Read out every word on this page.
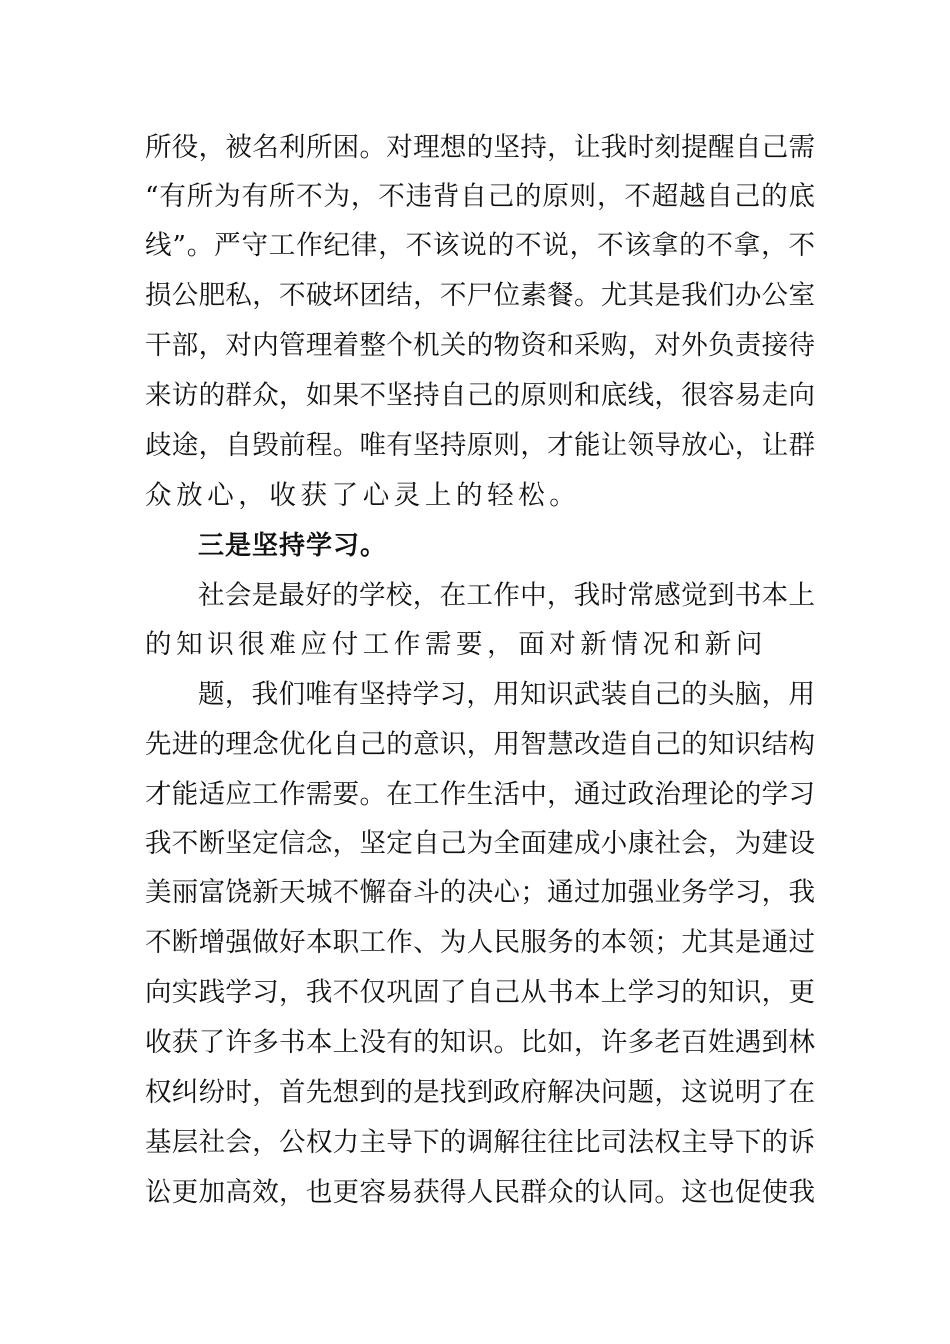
所役，被名利所困。对理想的坚持，让我时刻提醒自己需
“有所为有所不为，不违背自己的原则，不超越自己的底
线”。严守工作纪律，不该说的不说，不该拿的不拿，不
损公肥私，不破坏团结，不尸位素餐。尤其是我们办公室
干部，对内管理着整个机关的物资和采购，对外负责接待
来访的群众，如果不坚持自己的原则和底线，很容易走向
歧途，自毁前程。唯有坚持原则，才能让领导放心，让群
众放心，收获了心灵上的轻松。
三是坚持学习。
社会是最好的学校，在工作中，我时常感觉到书本上
的知识很难应付工作需要，面对新情况和新问
题，我们唯有坚持学习，用知识武装自己的头脑，用
先进的理念优化自己的意识，用智慧改造自己的知识结构
才能适应工作需要。在工作生活中，通过政治理论的学习
我不断坚定信念，坚定自己为全面建成小康社会，为建设
美丽富饶新天城不懈奋斗的决心；通过加强业务学习，我
不断增强做好本职工作、为人民服务的本领；尤其是通过
向实践学习，我不仅巩固了自己从书本上学习的知识，更
收获了许多书本上没有的知识。比如，许多老百姓遇到林
权纠纷时，首先想到的是找到政府解决问题，这说明了在
基层社会，公权力主导下的调解往往比司法权主导下的诉
讼更加高效，也更容易获得人民群众的认同。这也促使我
